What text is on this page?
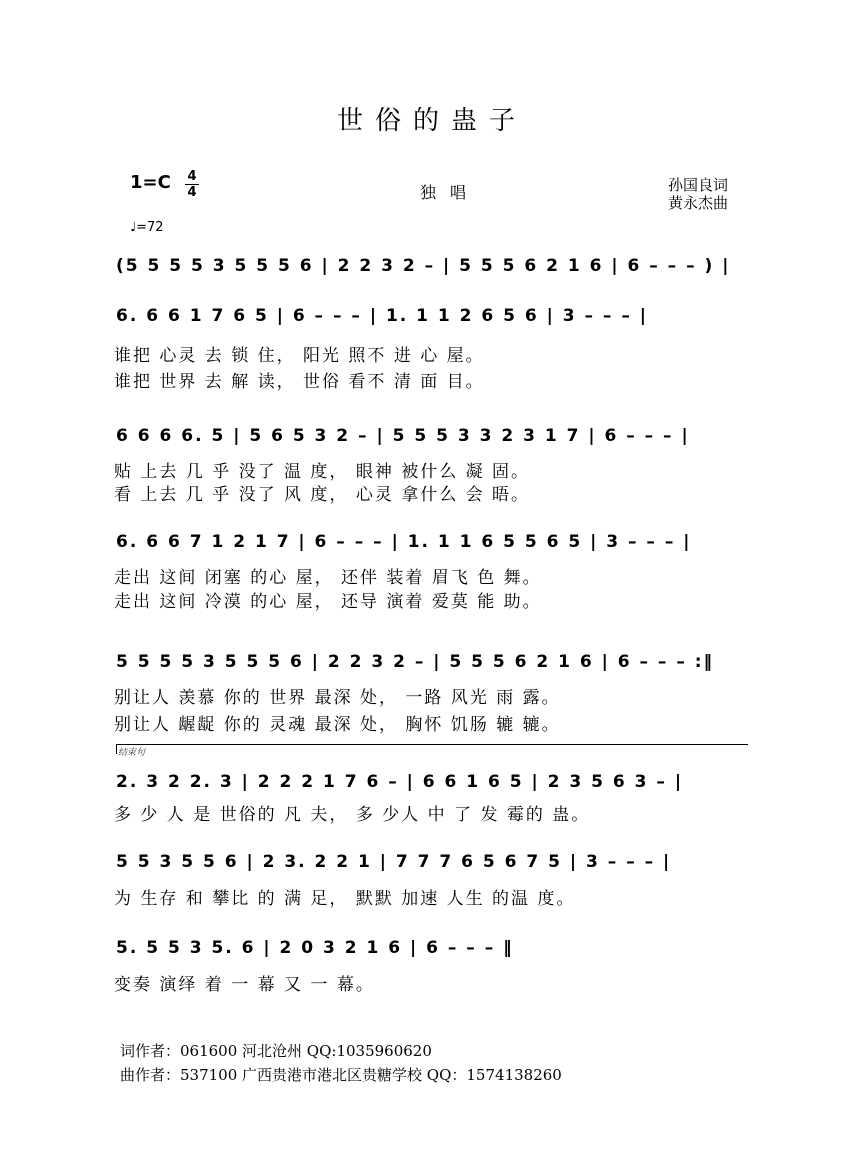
世俗的蛊子
1=C 4
4	独唱	孙国良词
黄永杰曲
♩=72
(5 5 5 5 3 5 5 5 6 | 2 2 3 2 – | 5 5 5 6 2 1 6 | 6 – – – ) |
6. 6 6 1 7 6 5 | 6 – – – | 1. 1 1 2 6 5 6 | 3 – – – |
谁把 心灵 去 锁 住， 阳光 照不 进 心 屋。
谁把 世界 去 解 读， 世俗 看不 清 面 目。
6 6 6 6. 5 | 5 6 5 3 2 – | 5 5 5 3 3 2 3 1 7 | 6 – – – |
贴 上去 几 乎 没了 温 度， 眼神 被什么 凝 固。
看 上去 几 乎 没了 风 度， 心灵 拿什么 会 晤。
6. 6 6 7 1 2 1 7 | 6 – – – | 1. 1 1 6 5 5 6 5 | 3 – – – |
走出 这间 闭塞 的心 屋， 还伴 装着 眉飞 色 舞。
走出 这间 冷漠 的心 屋， 还导 演着 爱莫 能 助。
5 5 5 5 3 5 5 5 6 | 2 2 3 2 – | 5 5 5 6 2 1 6 | 6 – – – :‖
别让人 羡慕 你的 世界 最深 处， 一路 风光 雨 露。
别让人 龌龊 你的 灵魂 最深 处， 胸怀 饥肠 辘 辘。
结束句
2. 3 2 2. 3 | 2 2 2 1 7 6 – | 6 6 1 6 5 | 2 3 5 6 3 – |
多 少 人 是 世俗的 凡 夫， 多 少人 中 了 发 霉的 蛊。
5 5 3 5 5 6 | 2 3. 2 2 1 | 7 7 7 6 5 6 7 5 | 3 – – – |
为 生存 和 攀比 的 满 足， 默默 加速 人生 的温 度。
5. 5 5 3 5. 6 | 2 0 3 2 1 6 | 6 – – – ‖
变奏 演绎 着 一 幕 又 一 幕。
词作者：061600 河北沧州 QQ:1035960620
曲作者：537100 广西贵港市港北区贵糖学校 QQ：1574138260
